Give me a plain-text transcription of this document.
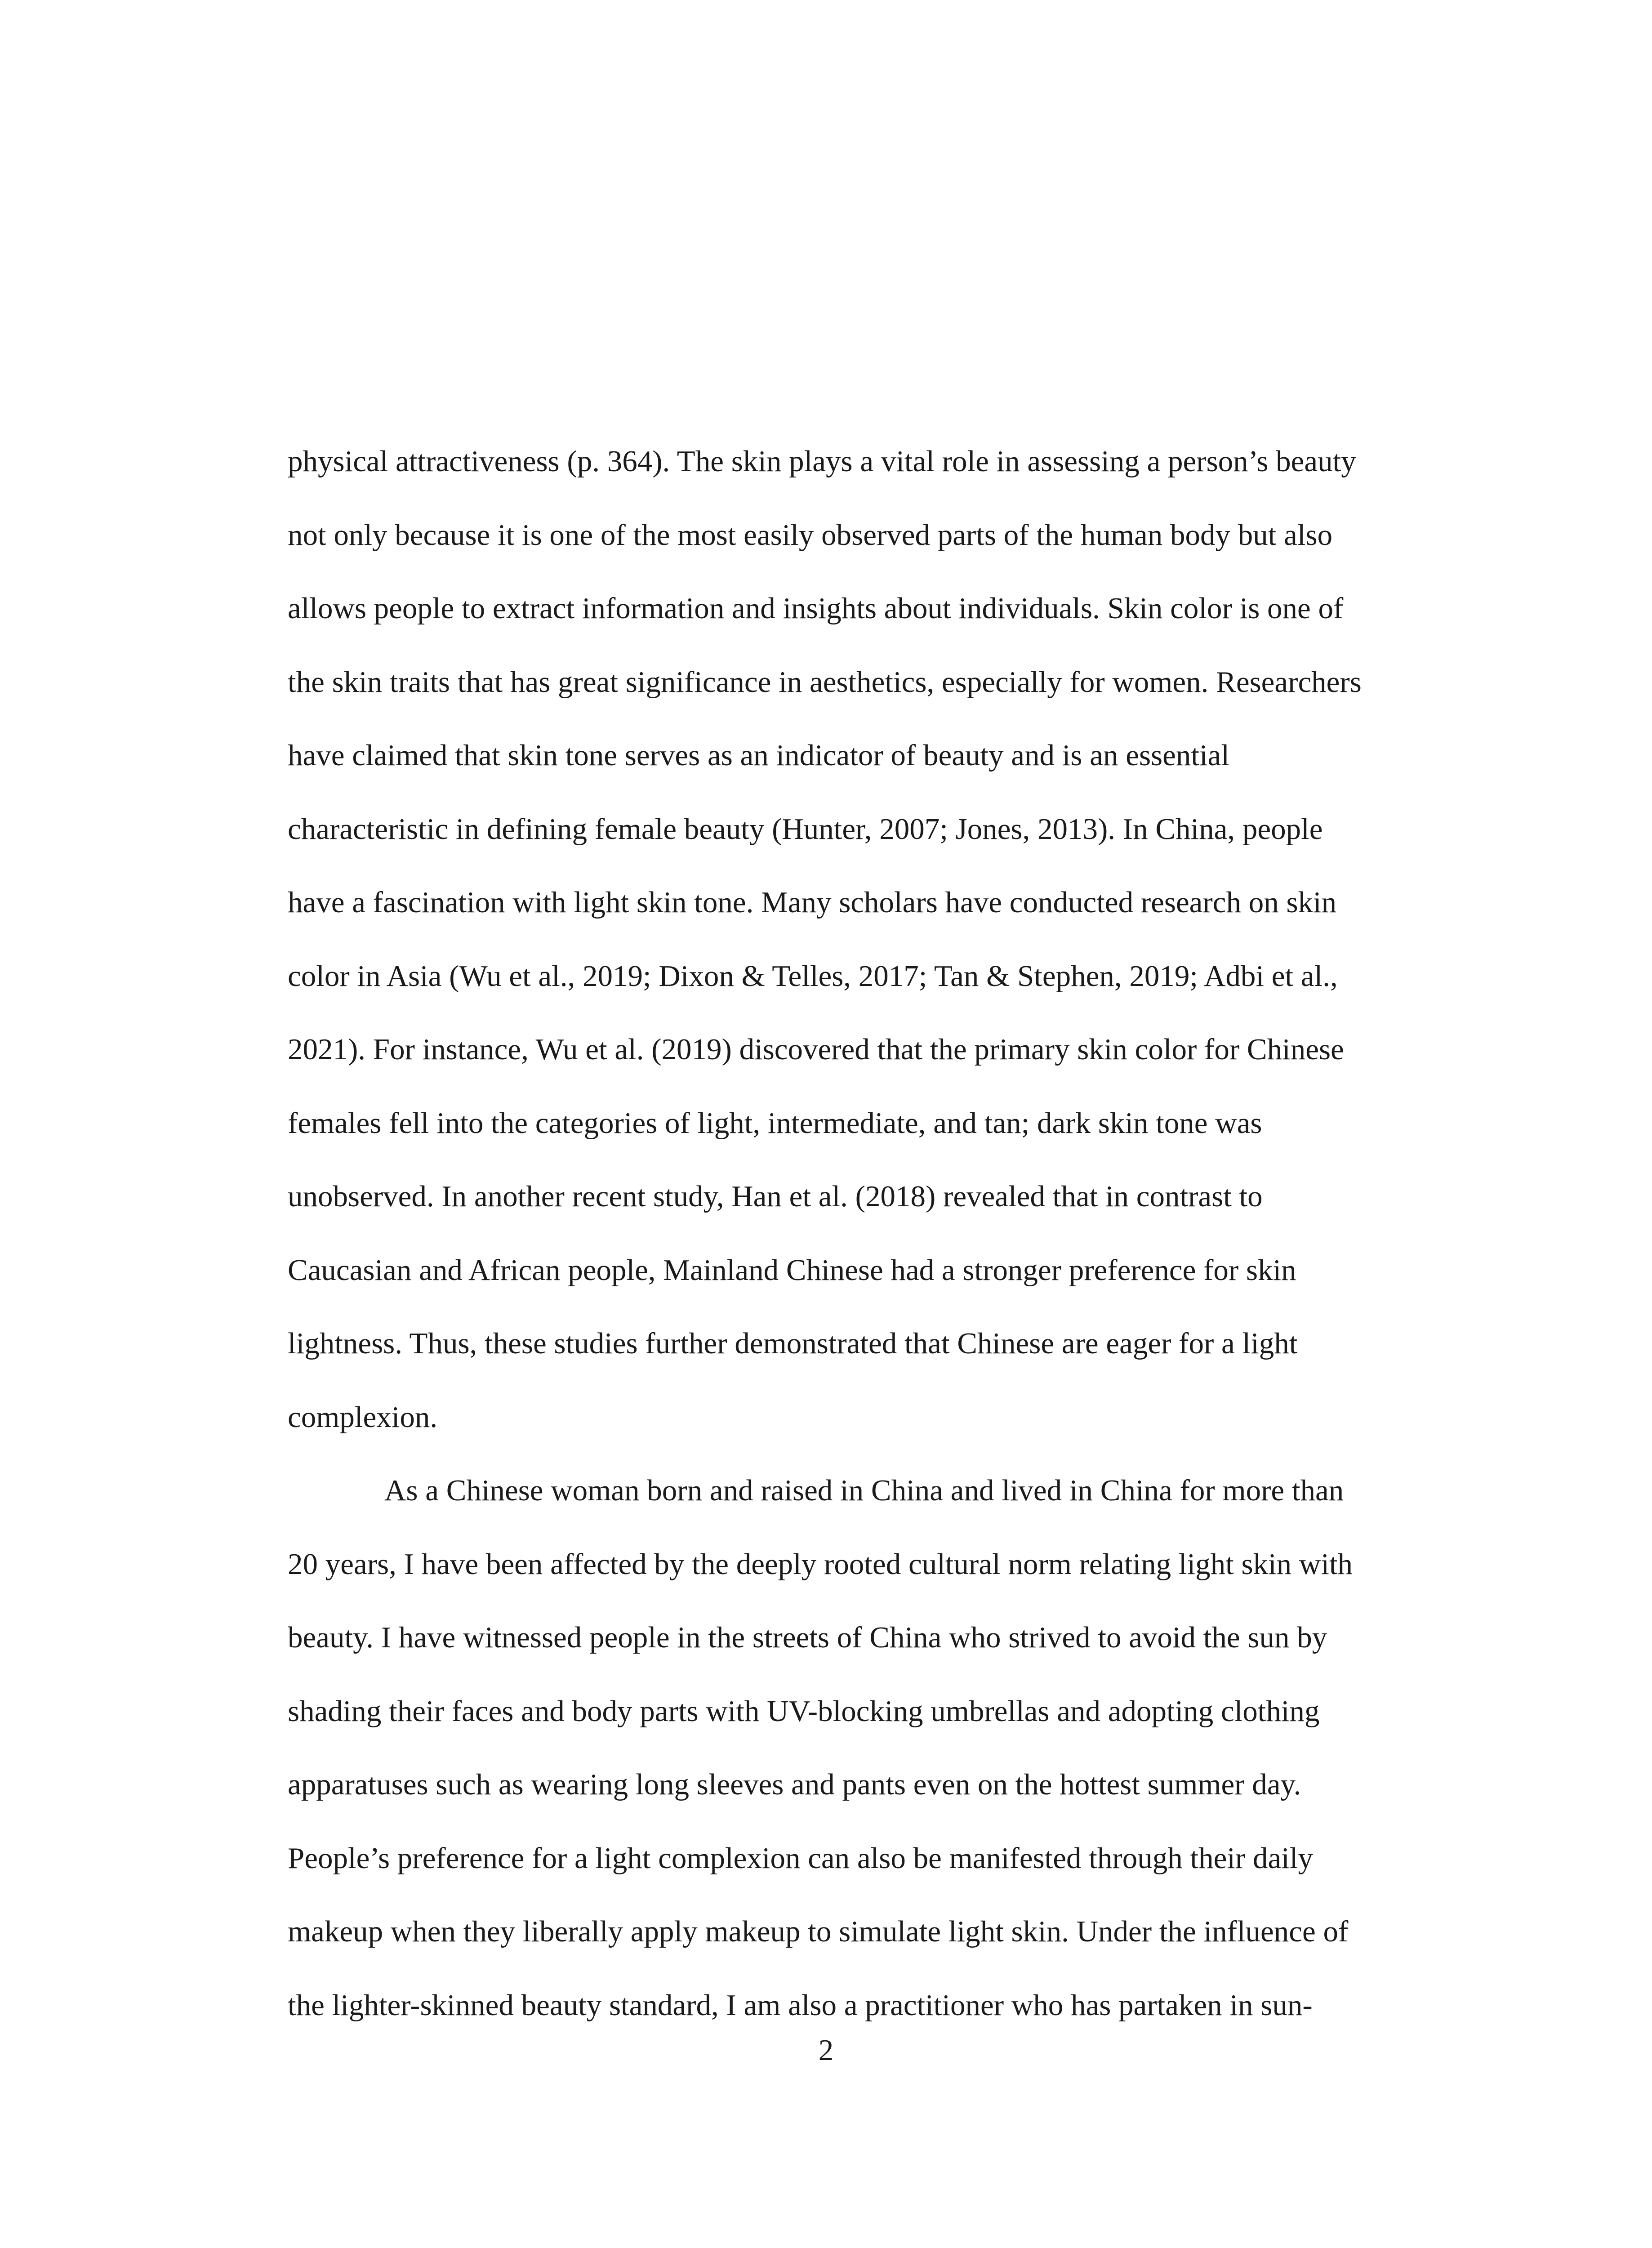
physical attractiveness (p. 364). The skin plays a vital role in assessing a person’s beauty
not only because it is one of the most easily observed parts of the human body but also
allows people to extract information and insights about individuals. Skin color is one of
the skin traits that has great significance in aesthetics, especially for women. Researchers
have claimed that skin tone serves as an indicator of beauty and is an essential
characteristic in defining female beauty (Hunter, 2007; Jones, 2013). In China, people
have a fascination with light skin tone. Many scholars have conducted research on skin
color in Asia (Wu et al., 2019; Dixon & Telles, 2017; Tan & Stephen, 2019; Adbi et al.,
2021). For instance, Wu et al. (2019) discovered that the primary skin color for Chinese
females fell into the categories of light, intermediate, and tan; dark skin tone was
unobserved. In another recent study, Han et al. (2018) revealed that in contrast to
Caucasian and African people, Mainland Chinese had a stronger preference for skin
lightness. Thus, these studies further demonstrated that Chinese are eager for a light
complexion.
As a Chinese woman born and raised in China and lived in China for more than
20 years, I have been affected by the deeply rooted cultural norm relating light skin with
beauty. I have witnessed people in the streets of China who strived to avoid the sun by
shading their faces and body parts with UV-blocking umbrellas and adopting clothing
apparatuses such as wearing long sleeves and pants even on the hottest summer day.
People’s preference for a light complexion can also be manifested through their daily
makeup when they liberally apply makeup to simulate light skin. Under the influence of
the lighter-skinned beauty standard, I am also a practitioner who has partaken in sun-
2
